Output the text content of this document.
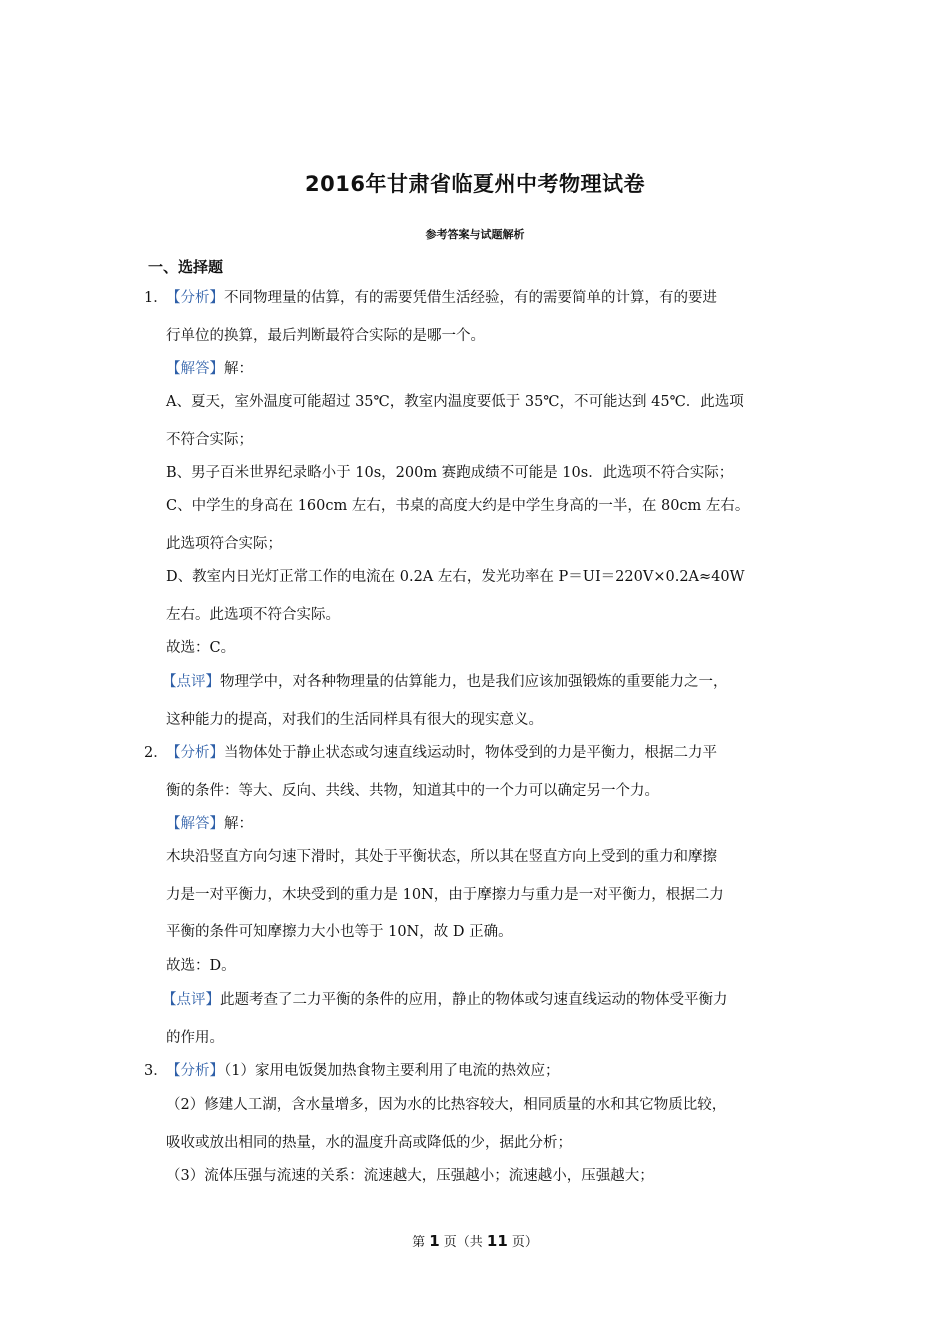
2016年甘肃省临夏州中考物理试卷
参考答案与试题解析
一、选择题
1．
【分析】不同物理量的估算，有的需要凭借生活经验，有的需要简单的计算，有的要进
行单位的换算，最后判断最符合实际的是哪一个。
【解答】解：
A、夏天，室外温度可能超过 35℃，教室内温度要低于 35℃，不可能达到 45℃．此选项
不符合实际；
B、男子百米世界纪录略小于 10s，200m 赛跑成绩不可能是 10s．此选项不符合实际；
C、中学生的身高在 160cm 左右，书桌的高度大约是中学生身高的一半，在 80cm 左右。
此选项符合实际；
D、教室内日光灯正常工作的电流在 0.2A 左右，发光功率在 P＝UI＝220V×0.2A≈40W
左右。此选项不符合实际。
故选：C。
【点评】物理学中，对各种物理量的估算能力，也是我们应该加强锻炼的重要能力之一，
这种能力的提高，对我们的生活同样具有很大的现实意义。
2．
【分析】当物体处于静止状态或匀速直线运动时，物体受到的力是平衡力，根据二力平
衡的条件：等大、反向、共线、共物，知道其中的一个力可以确定另一个力。
【解答】解：
木块沿竖直方向匀速下滑时，其处于平衡状态，所以其在竖直方向上受到的重力和摩擦
力是一对平衡力，木块受到的重力是 10N，由于摩擦力与重力是一对平衡力，根据二力
平衡的条件可知摩擦力大小也等于 10N，故 D 正确。
故选：D。
【点评】此题考查了二力平衡的条件的应用，静止的物体或匀速直线运动的物体受平衡力
的作用。
3．
【分析】（1）家用电饭煲加热食物主要利用了电流的热效应；
（2）修建人工湖，含水量增多，因为水的比热容较大，相同质量的水和其它物质比较，
吸收或放出相同的热量，水的温度升高或降低的少，据此分析；
（3）流体压强与流速的关系：流速越大，压强越小；流速越小，压强越大；
第 1 页（共 11 页）
